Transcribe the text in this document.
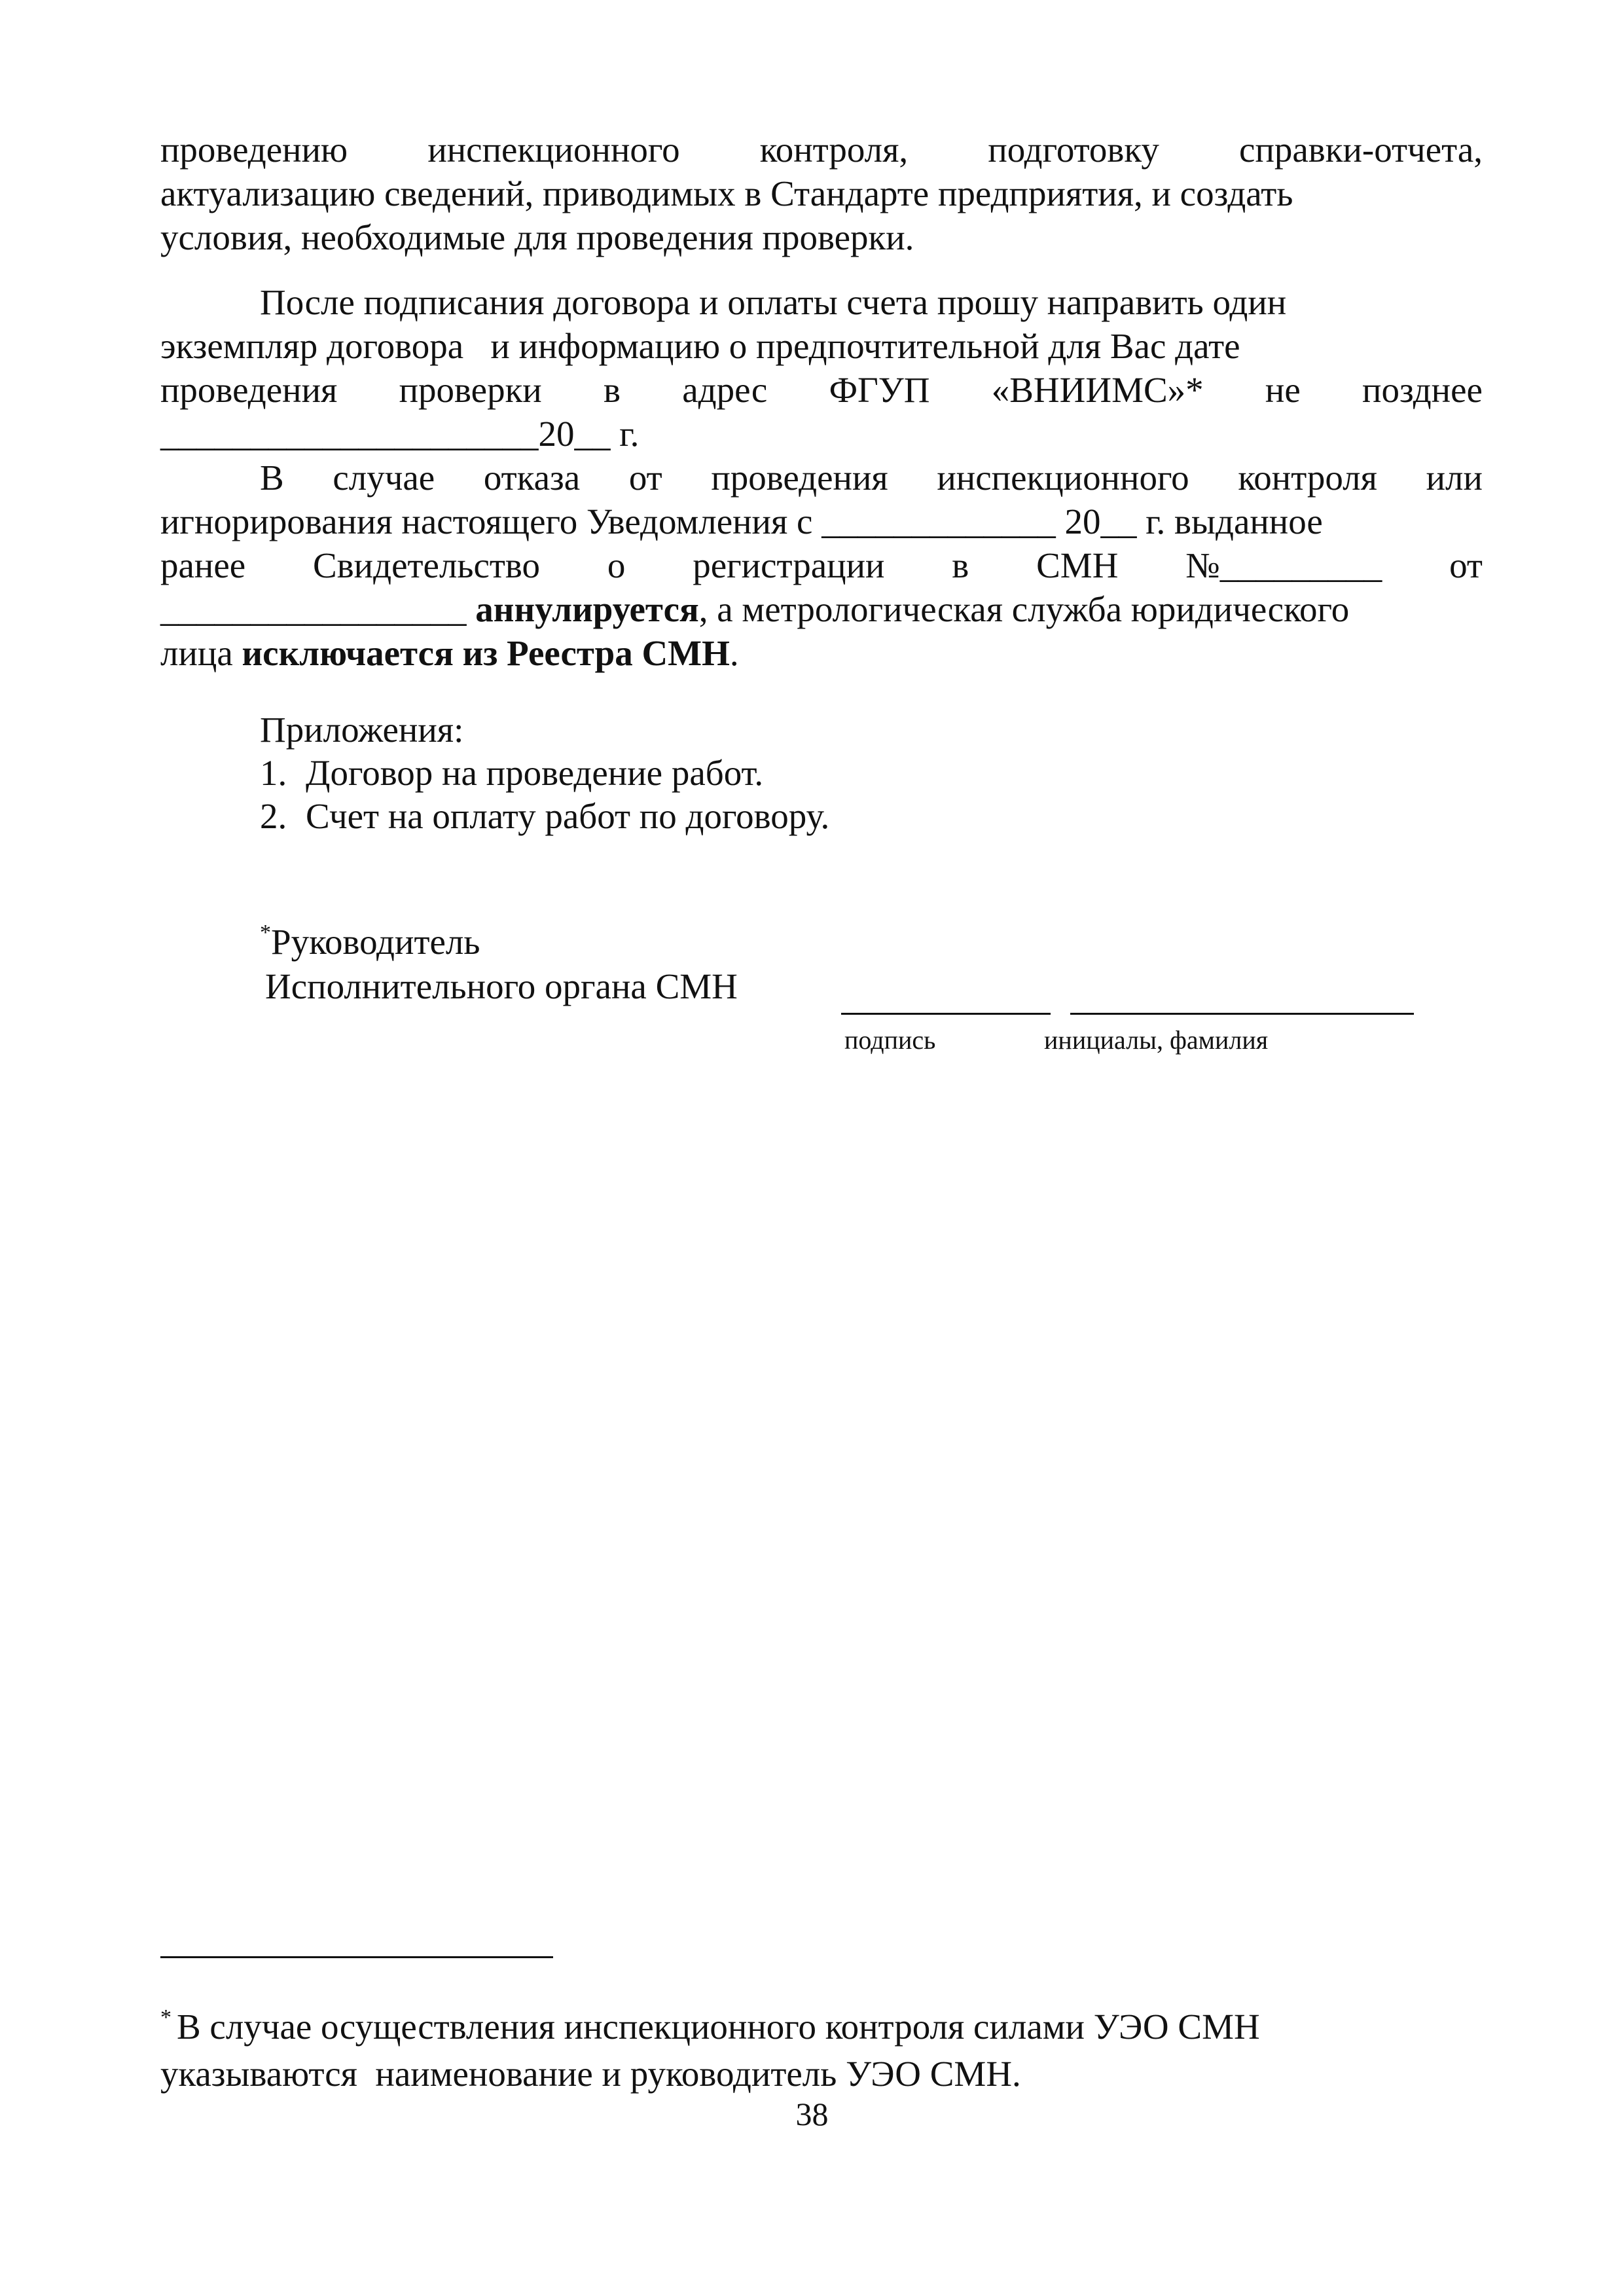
проведению инспекционного контроля, подготовку справки-отчета,
актуализацию сведений, приводимых в Стандарте предприятия, и создать
условия, необходимые для проведения проверки.
После подписания договора и оплаты счета прошу направить один
экземпляр договора   и информацию о предпочтительной для Вас дате
проведения проверки в адрес ФГУП «ВНИИМС»* не позднее
_____________________20__ г.
В случае отказа от проведения инспекционного контроля или
игнорирования настоящего Уведомления с _____________ 20__ г. выданное
ранее Свидетельство о регистрации в СМН №_________ от
_________________ аннулируется, а метрологическая служба юридического
лица исключается из Реестра СМН.
Приложения:
1. Договор на проведение работ.
2. Счет на оплату работ по договору.
*Руководитель
Исполнительного органа СМН
подпись	инициалы, фамилия
* В случае осуществления инспекционного контроля силами УЭО СМН
указываются  наименование и руководитель УЭО СМН.
38
